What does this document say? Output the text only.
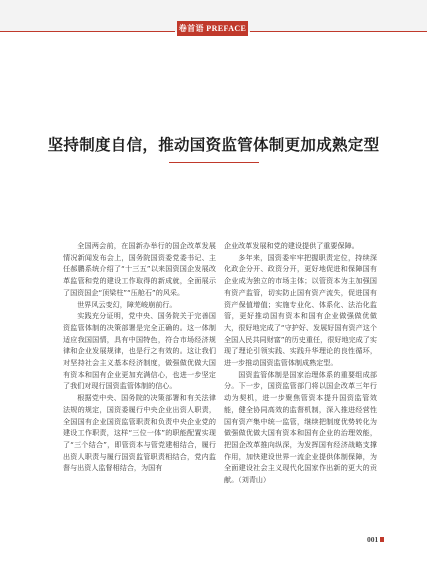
卷首语 PREFACE
坚持制度自信，推动国资监管体制更加成熟定型

全国两会前，在国新办举行的国企改革发展情况新闻发布会上，国务院国资委党委书记、主任郝鹏系统介绍了“十三五”以来国资国企发展改革监管和党的建设工作取得的新成就，全面展示了国资国企“顶梁柱”“压舱石”的风采。

世界风云变幻，障芜峻崩前行。

实践充分证明，党中央、国务院关于完善国资监管体制的决策部署是完全正确的。这一体制适应我国国情，具有中国特色，符合市场经济规律和企业发展规律，也是行之有效的。这让我们对坚持社会主义基本经济制度，做强做优做大国有资本和国有企业更加充满信心，也进一步坚定了我们对现行国资监管体制的信心。

根据党中央、国务院的决策部署和有关法律法规的规定，国资委履行中央企业出资人职责，全国国有企业国资监管职责和负责中央企业党的建设工作职责，这样“三位一体”的职能配置实现了“三个结合”，即管资本与管党建相结合，履行出资人职责与履行国资监管职责相结合，党内监督与出资人监督相结合，为国有

企业改革发展和党的建设提供了重要保障。

多年来，国资委牢牢把握职责定位，持续深化政企分开、政资分开，更好地促进和保障国有企业成为独立的市场主体；以管资本为主加强国有资产监管，切实防止国有资产流失，促进国有资产保值增值；实施专业化、体系化、法治化监管，更好推动国有资本和国有企业做强做优做大，很好地完成了“守护好、发展好国有资产这个全国人民共同财富”的历史重任，很好地完成了实现了理论引领实践、实践升华理论的良性循环，进一步推动国资监管体制成熟定型。

国资监管体制是国家治理体系的重要组成部分。下一步，国资监管部门将以国企改革三年行动为契机，进一步聚焦管资本提升国资监管效能，健全协同高效的监督机制，深入推进经营性国有资产集中统一监管，继续把制度优势转化为做强做优做大国有资本和国有企业的治理效能，把国企改革推向纵深，为发挥国有经济战略支撑作用，加快建设世界一流企业提供体制保障，为全面建设社会主义现代化国家作出新的更大的贡献。（刘青山）

001
